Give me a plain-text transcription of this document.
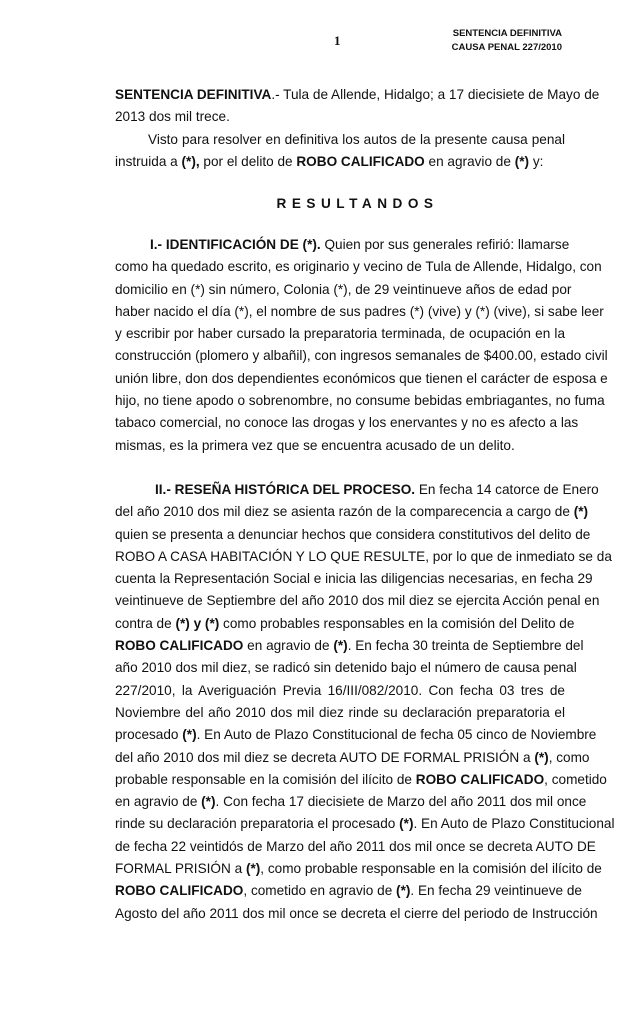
1	SENTENCIA DEFINITIVA
CAUSA PENAL 227/2010
SENTENCIA DEFINITIVA.- Tula de Allende, Hidalgo; a 17 diecisiete de Mayo de
2013 dos mil trece.
Visto para resolver en definitiva los autos de la presente causa penal
instruida a (*), por el delito de ROBO CALIFICADO en agravio de (*) y:
RESULTANDOS
I.- IDENTIFICACIÓN DE (*). Quien por sus generales refirió: llamarse
como ha quedado escrito, es originario y vecino de Tula de Allende, Hidalgo, con
domicilio en (*) sin número, Colonia (*), de 29 veintinueve años de edad por
haber nacido el día (*), el nombre de sus padres (*) (vive) y (*) (vive), si sabe leer
y escribir por haber cursado la preparatoria terminada, de ocupación en la
construcción (plomero y albañil), con ingresos semanales de $400.00, estado civil
unión libre, don dos dependientes económicos que tienen el carácter de esposa e
hijo, no tiene apodo o sobrenombre, no consume bebidas embriagantes, no fuma
tabaco comercial, no conoce las drogas y los enervantes y no es afecto a las
mismas, es la primera vez que se encuentra acusado de un delito.
II.- RESEÑA HISTÓRICA DEL PROCESO. En fecha 14 catorce de Enero
del año 2010 dos mil diez se asienta razón de la comparecencia a cargo de (*)
quien se presenta a denunciar hechos que considera constitutivos del delito de
ROBO A CASA HABITACIÓN Y LO QUE RESULTE, por lo que de inmediato se da
cuenta la Representación Social e inicia las diligencias necesarias, en fecha 29
veintinueve de Septiembre del año 2010 dos mil diez se ejercita Acción penal en
contra de (*) y (*) como probables responsables en la comisión del Delito de
ROBO CALIFICADO en agravio de (*). En fecha 30 treinta de Septiembre del
año 2010 dos mil diez, se radicó sin detenido bajo el número de causa penal
227/2010, la Averiguación Previa 16/III/082/2010. Con fecha 03 tres de
Noviembre del año 2010 dos mil diez rinde su declaración preparatoria el
procesado (*). En Auto de Plazo Constitucional de fecha 05 cinco de Noviembre
del año 2010 dos mil diez se decreta AUTO DE FORMAL PRISIÓN a (*), como
probable responsable en la comisión del ilícito de ROBO CALIFICADO, cometido
en agravio de (*). Con fecha 17 diecisiete de Marzo del año 2011 dos mil once
rinde su declaración preparatoria el procesado (*). En Auto de Plazo Constitucional
de fecha 22 veintidós de Marzo del año 2011 dos mil once se decreta AUTO DE
FORMAL PRISIÓN a (*), como probable responsable en la comisión del ilícito de
ROBO CALIFICADO, cometido en agravio de (*). En fecha 29 veintinueve de
Agosto del año 2011 dos mil once se decreta el cierre del periodo de Instrucción
